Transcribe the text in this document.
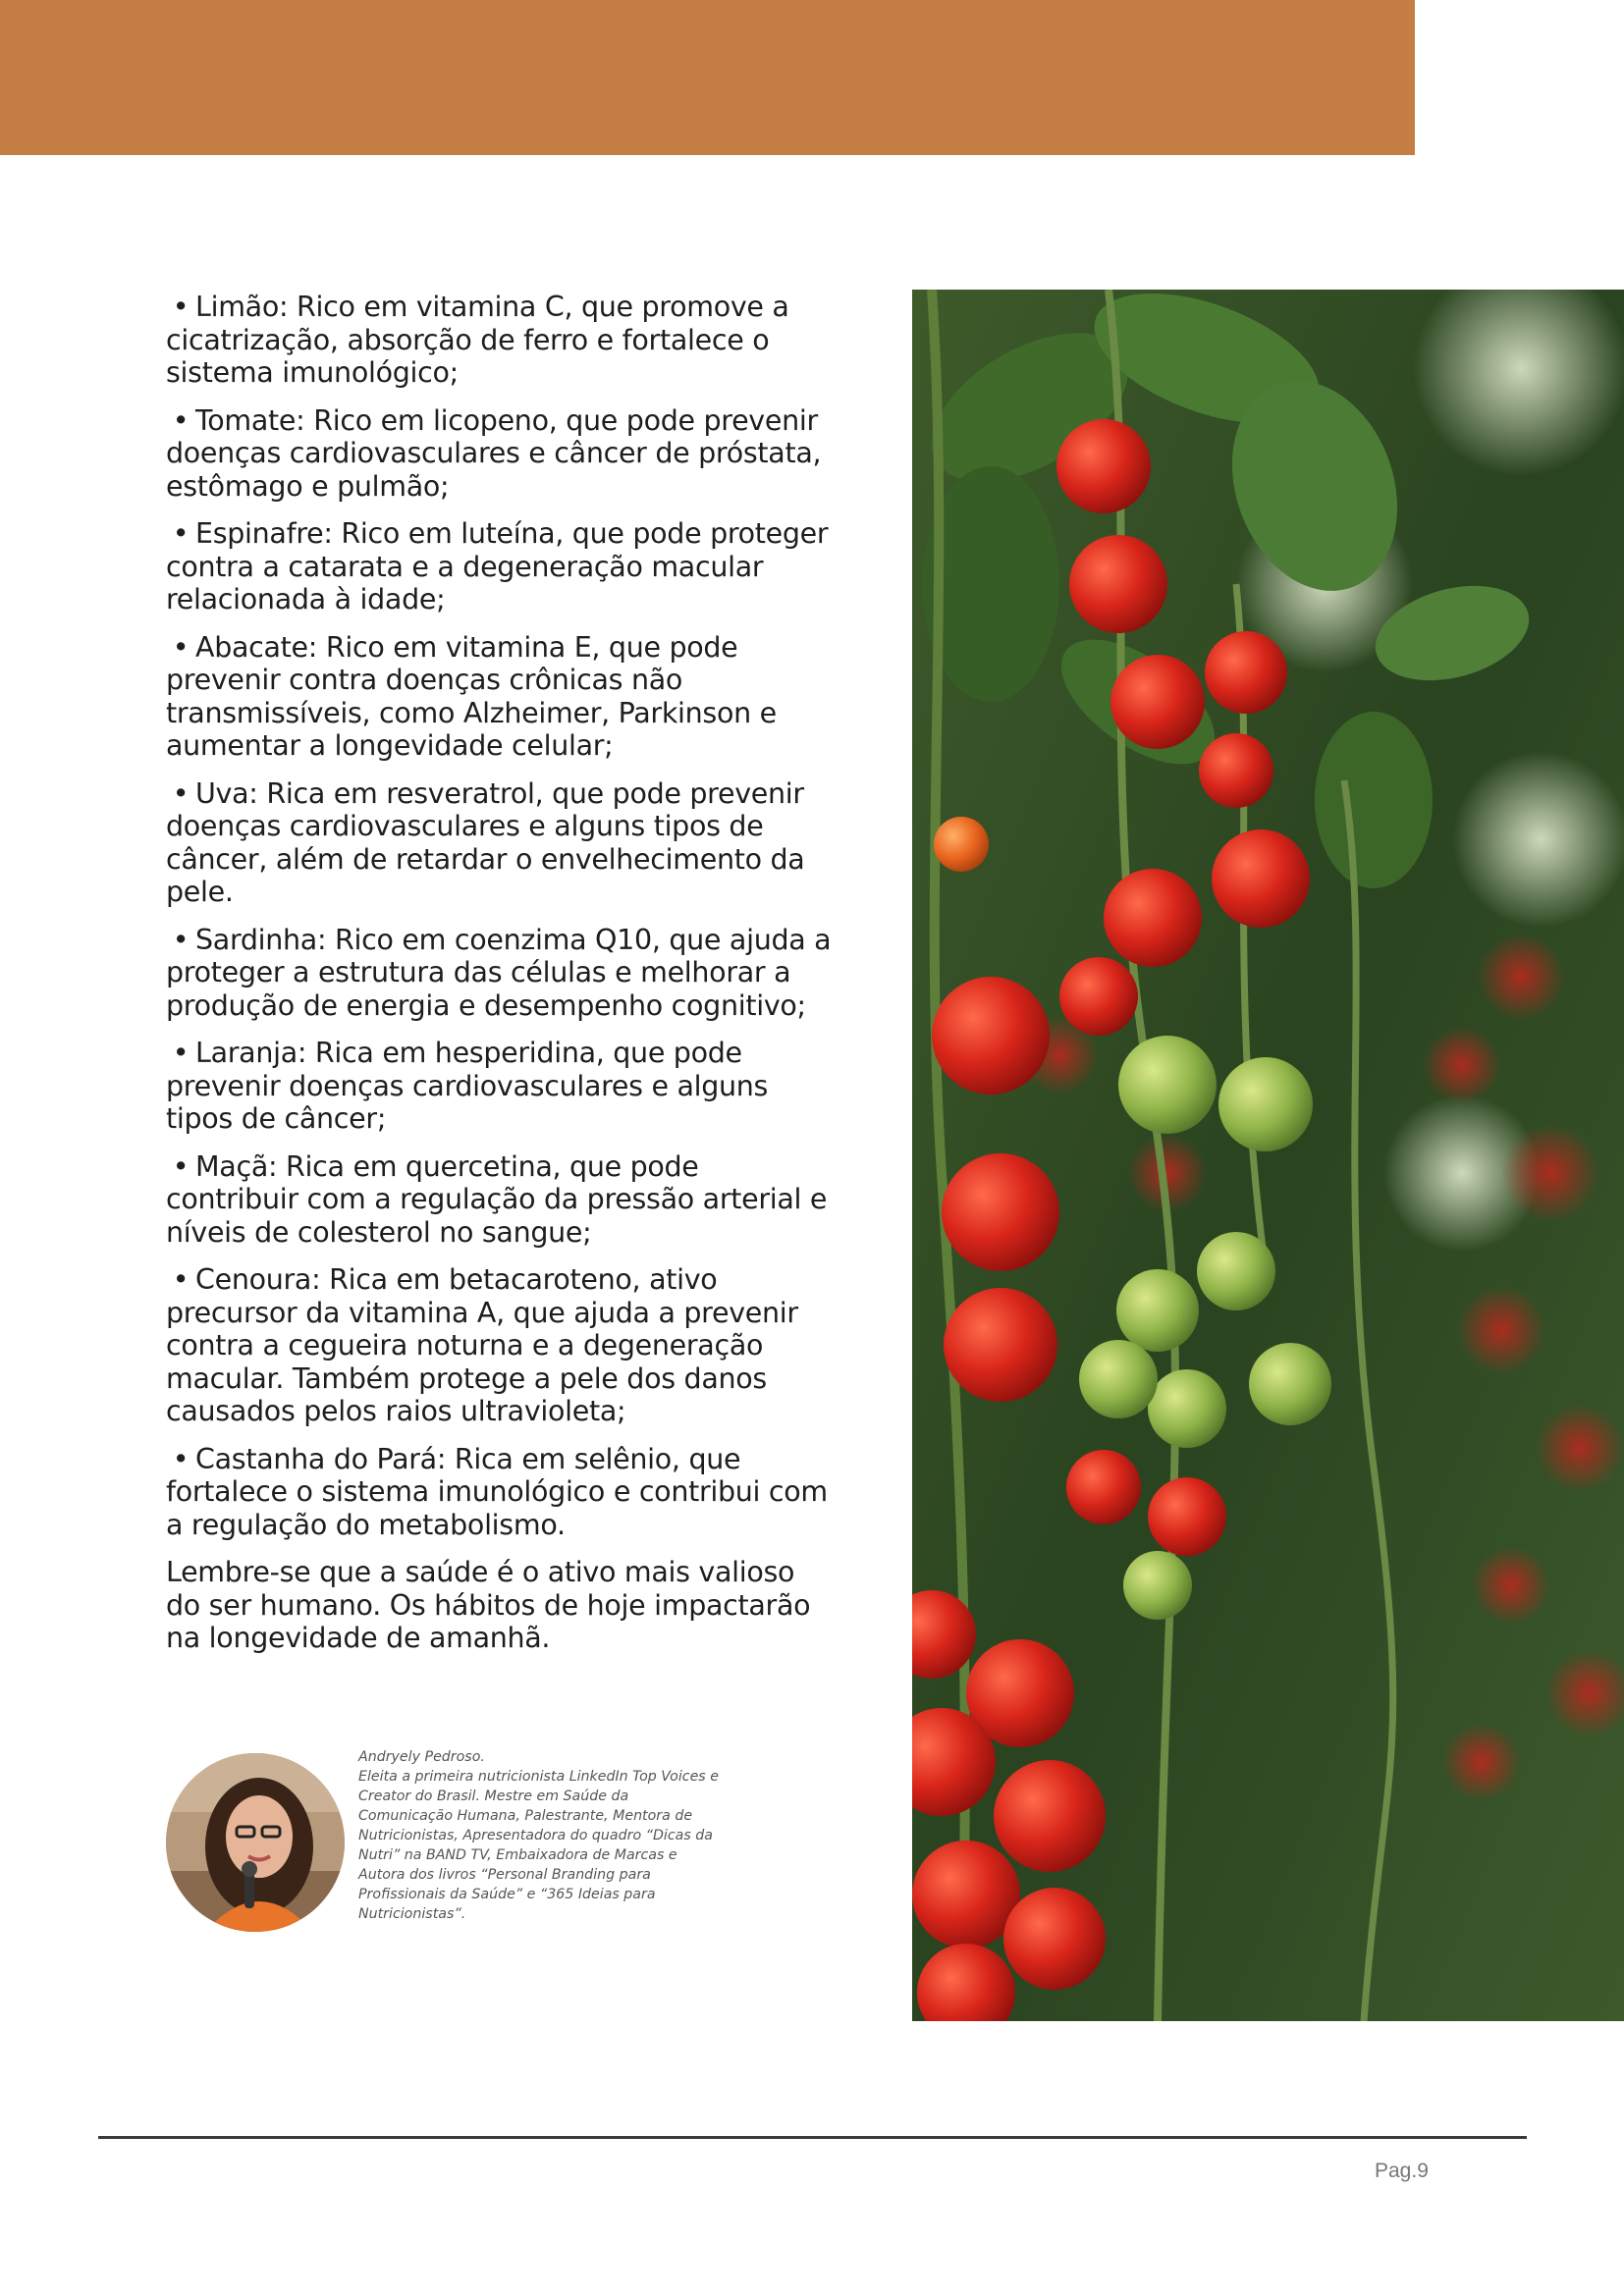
• Limão: Rico em vitamina C, que promove a cicatrização, absorção de ferro e fortalece o sistema imunológico;

• Tomate: Rico em licopeno, que pode prevenir doenças cardiovasculares e câncer de próstata, estômago e pulmão;

• Espinafre: Rico em luteína, que pode proteger contra a catarata e a degeneração macular relacionada à idade;

• Abacate: Rico em vitamina E, que pode prevenir contra doenças crônicas não transmissíveis, como Alzheimer, Parkinson e aumentar a longevidade celular;

• Uva: Rica em resveratrol, que pode prevenir doenças cardiovasculares e alguns tipos de câncer, além de retardar o envelhecimento da pele.

• Sardinha: Rico em coenzima Q10, que ajuda a proteger a estrutura das células e melhorar a produção de energia e desempenho cognitivo;

• Laranja: Rica em hesperidina, que pode prevenir doenças cardiovasculares e alguns tipos de câncer;

• Maçã: Rica em quercetina, que pode contribuir com a regulação da pressão arterial e níveis de colesterol no sangue;

• Cenoura: Rica em betacaroteno, ativo precursor da vitamina A, que ajuda a prevenir contra a cegueira noturna e a degeneração macular. Também protege a pele dos danos causados pelos raios ultravioleta;

• Castanha do Pará: Rica em selênio, que fortalece o sistema imunológico e contribui com a regulação do metabolismo.

Lembre-se que a saúde é o ativo mais valioso do ser humano. Os hábitos de hoje impactarão na longevidade de amanhã.

Andryely Pedroso.
Eleita a primeira nutricionista LinkedIn Top Voices e Creator do Brasil. Mestre em Saúde da Comunicação Humana, Palestrante, Mentora de Nutricionistas, Apresentadora do quadro “Dicas da Nutri” na BAND TV, Embaixadora de Marcas e Autora dos livros “Personal Branding para Profissionais da Saúde” e “365 Ideias para Nutricionistas”.
Pag.9
